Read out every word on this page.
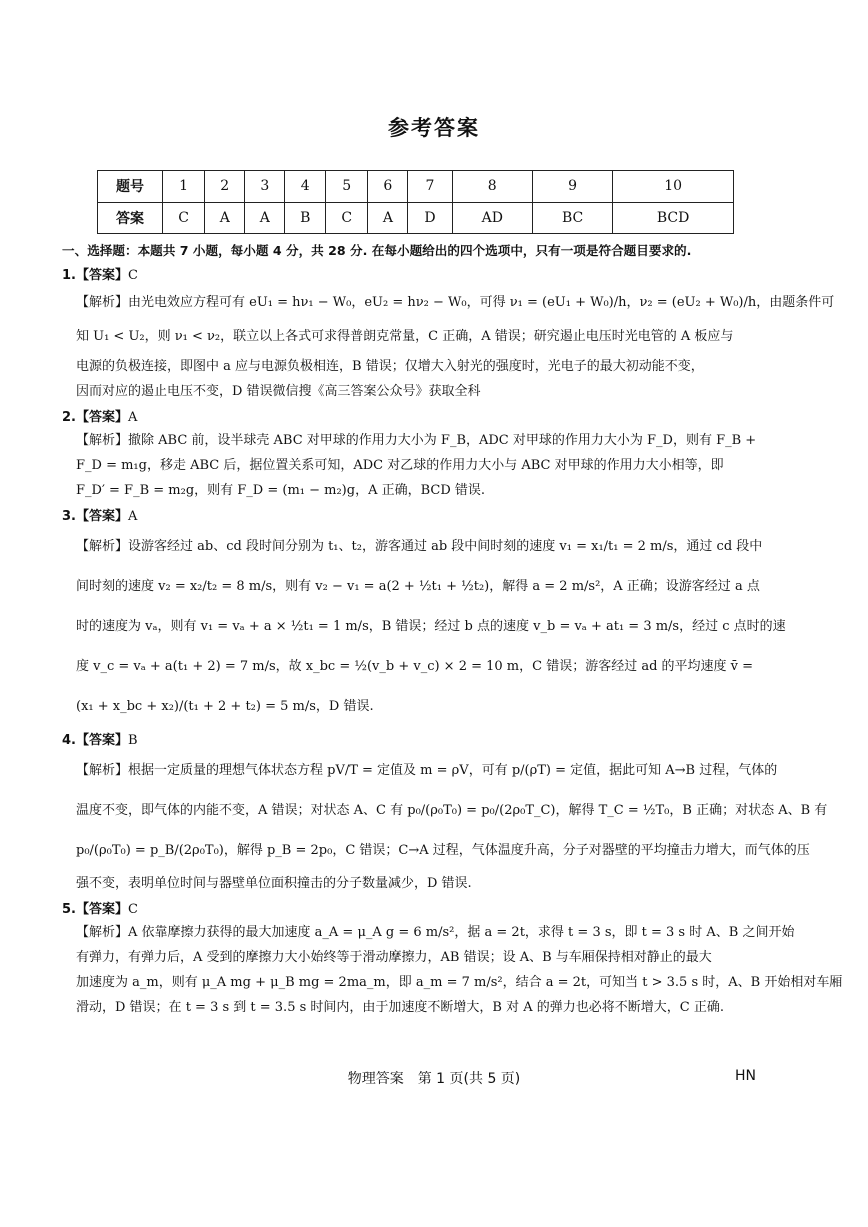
参考答案
题号	1	2	3	4	5	6	7	8	9	10
答案	C	A	A	B	C	A	D	AD	BC	BCD
一、选择题：本题共 7 小题，每小题 4 分，共 28 分. 在每小题给出的四个选项中，只有一项是符合题目要求的.
1.【答案】C
【解析】由光电效应方程可有 eU₁ = hν₁ − W₀，eU₂ = hν₂ − W₀，可得 ν₁ = (eU₁ + W₀)/h，ν₂ = (eU₂ + W₀)/h，由题条件可
知 U₁ < U₂，则 ν₁ < ν₂，联立以上各式可求得普朗克常量，C 正确，A 错误；研究遏止电压时光电管的 A 板应与
电源的负极连接，即图中 a 应与电源负极相连，B 错误；仅增大入射光的强度时，光电子的最大初动能不变，
因而对应的遏止电压不变，D 错误微信搜《高三答案公众号》获取全科
2.【答案】A
【解析】撤除 ABC 前，设半球壳 ABC 对甲球的作用力大小为 F_B，ADC 对甲球的作用力大小为 F_D，则有 F_B +
F_D = m₁g，移走 ABC 后，据位置关系可知，ADC 对乙球的作用力大小与 ABC 对甲球的作用力大小相等，即
F_D′ = F_B = m₂g，则有 F_D = (m₁ − m₂)g，A 正确，BCD 错误.
3.【答案】A
【解析】设游客经过 ab、cd 段时间分别为 t₁、t₂，游客通过 ab 段中间时刻的速度 v₁ = x₁/t₁ = 2 m/s，通过 cd 段中
间时刻的速度 v₂ = x₂/t₂ = 8 m/s，则有 v₂ − v₁ = a(2 + ½t₁ + ½t₂)，解得 a = 2 m/s²，A 正确；设游客经过 a 点
时的速度为 vₐ，则有 v₁ = vₐ + a × ½t₁ = 1 m/s，B 错误；经过 b 点的速度 v_b = vₐ + at₁ = 3 m/s，经过 c 点时的速
度 v_c = vₐ + a(t₁ + 2) = 7 m/s，故 x_bc = ½(v_b + v_c) × 2 = 10 m，C 错误；游客经过 ad 的平均速度 v̄ =
(x₁ + x_bc + x₂)/(t₁ + 2 + t₂) = 5 m/s，D 错误.
4.【答案】B
【解析】根据一定质量的理想气体状态方程 pV/T = 定值及 m = ρV，可有 p/(ρT) = 定值，据此可知 A→B 过程，气体的
温度不变，即气体的内能不变，A 错误；对状态 A、C 有 p₀/(ρ₀T₀) = p₀/(2ρ₀T_C)，解得 T_C = ½T₀，B 正确；对状态 A、B 有
p₀/(ρ₀T₀) = p_B/(2ρ₀T₀)，解得 p_B = 2p₀，C 错误；C→A 过程，气体温度升高，分子对器壁的平均撞击力增大，而气体的压
强不变，表明单位时间与器壁单位面积撞击的分子数量减少，D 错误.
5.【答案】C
【解析】A 依靠摩擦力获得的最大加速度 a_A = μ_A g = 6 m/s²，据 a = 2t，求得 t = 3 s，即 t = 3 s 时 A、B 之间开始
有弹力，有弹力后，A 受到的摩擦力大小始终等于滑动摩擦力，AB 错误；设 A、B 与车厢保持相对静止的最大
加速度为 a_m，则有 μ_A mg + μ_B mg = 2ma_m，即 a_m = 7 m/s²，结合 a = 2t，可知当 t > 3.5 s 时，A、B 开始相对车厢
滑动，D 错误；在 t = 3 s 到 t = 3.5 s 时间内，由于加速度不断增大，B 对 A 的弹力也必将不断增大，C 正确.
物理答案　第 1 页(共 5 页)	HN
